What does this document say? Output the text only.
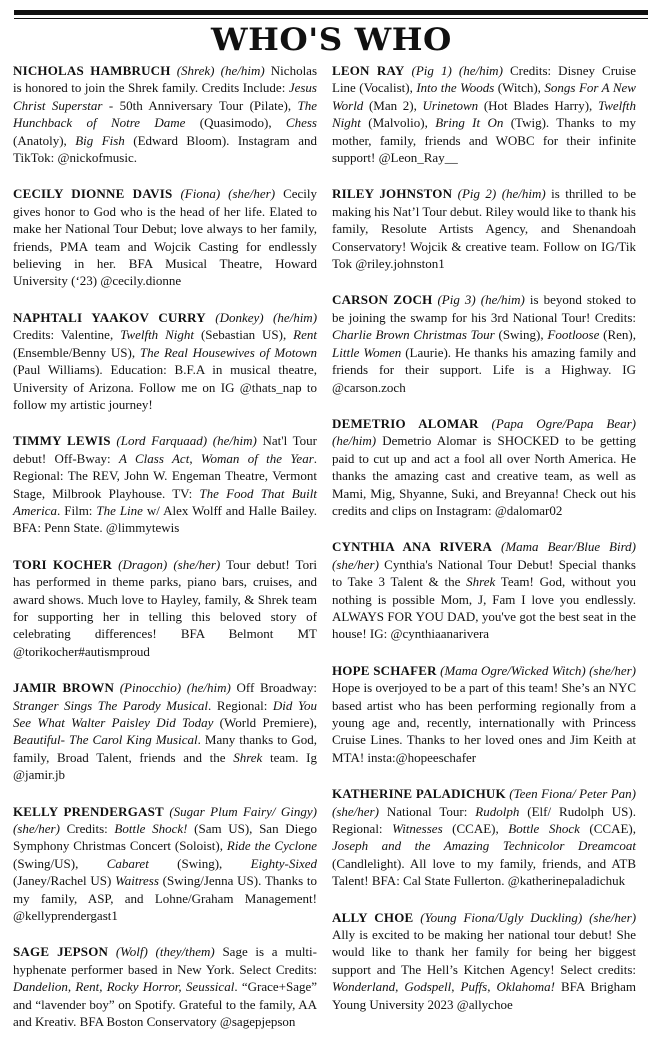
WHO'S WHO

NICHOLAS HAMBRUCH (Shrek) (he/him) Nicholas is honored to join the Shrek family. Credits Include: Jesus Christ Superstar - 50th Anniversary Tour (Pilate), The Hunchback of Notre Dame (Quasimodo), Chess (Anatoly), Big Fish (Edward Bloom). Instagram and TikTok: @nickofmusic.

CECILY DIONNE DAVIS (Fiona) (she/her) Cecily gives honor to God who is the head of her life. Elated to make her National Tour Debut; love always to her family, friends, PMA team and Wojcik Casting for endlessly believing in her. BFA Musical Theatre, Howard University (‘23) @cecily.dionne

NAPHTALI YAAKOV CURRY (Donkey) (he/him) Credits: Valentine, Twelfth Night (Sebastian US), Rent (Ensemble/Benny US), The Real Housewives of Motown (Paul Williams). Education: B.F.A in musical theatre, University of Arizona. Follow me on IG @thats_nap to follow my artistic journey!

TIMMY LEWIS (Lord Farquaad) (he/him) Nat'l Tour debut! Off-Bway: A Class Act, Woman of the Year. Regional: The REV, John W. Engeman Theatre, Vermont Stage, Milbrook Playhouse. TV: The Food That Built America. Film: The Line w/ Alex Wolff and Halle Bailey. BFA: Penn State. @limmytewis

TORI KOCHER (Dragon) (she/her) Tour debut! Tori has performed in theme parks, piano bars, cruises, and award shows. Much love to Hayley, family, & Shrek team for supporting her in telling this beloved story of celebrating differences! BFA Belmont MT @torikocher#autismproud

JAMIR BROWN (Pinocchio) (he/him) Off Broadway: Stranger Sings The Parody Musical. Regional: Did You See What Walter Paisley Did Today (World Premiere), Beautiful- The Carol King Musical. Many thanks to God, family, Broad Talent, friends and the Shrek team. Ig @jamir.jb

KELLY PRENDERGAST (Sugar Plum Fairy/ Gingy) (she/her) Credits: Bottle Shock! (Sam US), San Diego Symphony Christmas Concert (Soloist), Ride the Cyclone (Swing/US), Cabaret (Swing), Eighty-Sixed (Janey/Rachel US) Waitress (Swing/Jenna US). Thanks to my family, ASP, and Lohne/Graham Management! @kellyprendergast1

SAGE JEPSON (Wolf) (they/them) Sage is a multi-hyphenate performer based in New York. Select Credits: Dandelion, Rent, Rocky Horror, Seussical. “Grace+Sage” and “lavender boy” on Spotify. Grateful to the family, AA and Kreativ. BFA Boston Conservatory @sagepjepson

LEON RAY (Pig 1) (he/him) Credits: Disney Cruise Line (Vocalist), Into the Woods (Witch), Songs For A New World (Man 2), Urinetown (Hot Blades Harry), Twelfth Night (Malvolio), Bring It On (Twig). Thanks to my mother, family, friends and WOBC for their infinite support! @Leon_Ray__

RILEY JOHNSTON (Pig 2) (he/him) is thrilled to be making his Nat’l Tour debut. Riley would like to thank his family, Resolute Artists Agency, and Shenandoah Conservatory! Wojcik & creative team. Follow on IG/Tik Tok @riley.johnston1

CARSON ZOCH (Pig 3) (he/him) is beyond stoked to be joining the swamp for his 3rd National Tour! Credits: Charlie Brown Christmas Tour (Swing), Footloose (Ren), Little Women (Laurie). He thanks his amazing family and friends for their support. Life is a Highway. IG @carson.zoch

DEMETRIO ALOMAR (Papa Ogre/Papa Bear) (he/him) Demetrio Alomar is SHOCKED to be getting paid to cut up and act a fool all over North America. He thanks the amazing cast and creative team, as well as Mami, Mig, Shyanne, Suki, and Breyanna! Check out his credits and clips on Instagram: @dalomar02

CYNTHIA ANA RIVERA (Mama Bear/Blue Bird) (she/her) Cynthia's National Tour Debut! Special thanks to Take 3 Talent & the Shrek Team! God, without you nothing is possible Mom, J, Fam I love you endlessly. ALWAYS FOR YOU DAD, you've got the best seat in the house! IG: @cynthiaanarivera

HOPE SCHAFER (Mama Ogre/Wicked Witch) (she/her) Hope is overjoyed to be a part of this team! She’s an NYC based artist who has been performing regionally from a young age and, recently, internationally with Princess Cruise Lines. Thanks to her loved ones and Jim Keith at MTA! insta:@hopeeschafer

KATHERINE PALADICHUK (Teen Fiona/ Peter Pan) (she/her) National Tour: Rudolph (Elf/ Rudolph US). Regional: Witnesses (CCAE), Bottle Shock (CCAE), Joseph and the Amazing Technicolor Dreamcoat (Candlelight). All love to my family, friends, and ATB Talent! BFA: Cal State Fullerton. @katherinepaladichuk

ALLY CHOE (Young Fiona/Ugly Duckling) (she/her) Ally is excited to be making her national tour debut! She would like to thank her family for being her biggest support and The Hell’s Kitchen Agency! Select credits: Wonderland, Godspell, Puffs, Oklahoma! BFA Brigham Young University 2023 @allychoe
